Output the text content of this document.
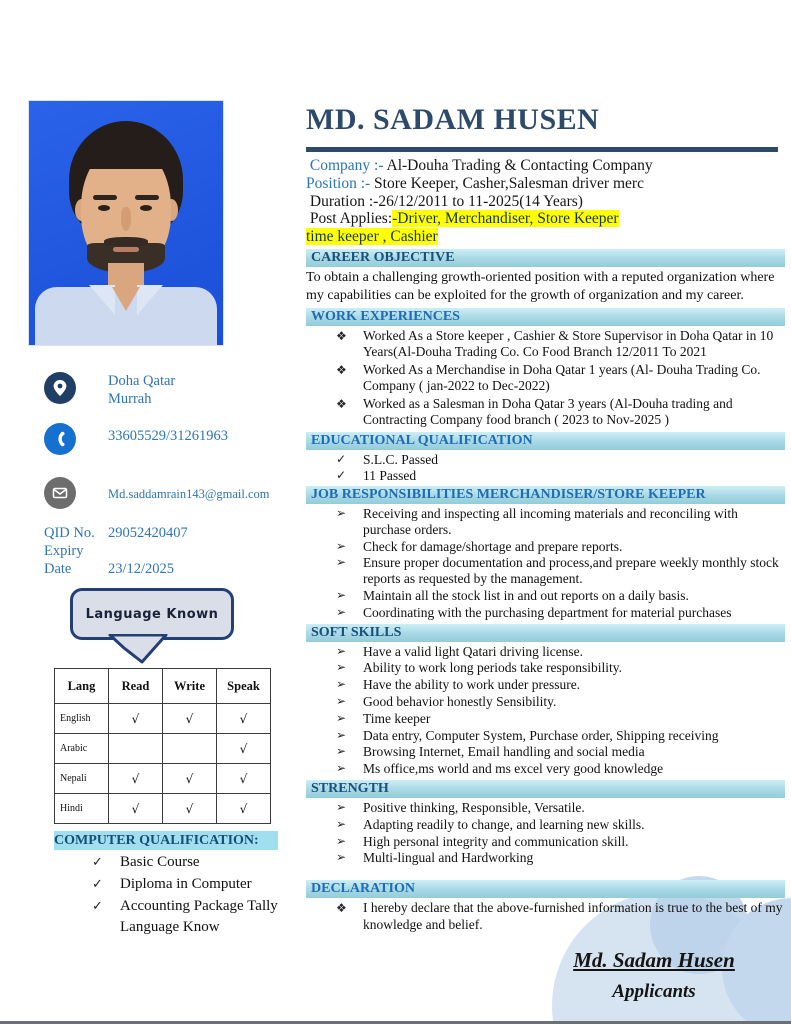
Doha Qatar
Murrah
33605529/31261963
Md.saddamrain143@gmail.com
QID No. 29052420407
Expiry
Date	23/12/2025
Language Known
Lang	Read	Write	Speak
English	√	√	√
Arabic			√
Nepali	√	√	√
Hindi	√	√	√
COMPUTER QUALIFICATION:
✓ Basic Course
✓ Diploma in Computer
✓ Accounting Package Tally Language Know
MD. SADAM HUSEN

Company :- Al-Douha Trading & Contacting Company

Position :- Store Keeper, Casher,Salesman driver merc

Duration :-26/12/2011 to 11-2025(14 Years)

Post Applies:-Driver, Merchandiser, Store Keeper

time keeper , Cashier

CAREER OBJECTIVE

To obtain a challenging growth-oriented position with a reputed organization where my capabilities can be exploited for the growth of organization and my career.

WORK EXPERIENCES
❖ Worked As a Store keeper , Cashier & Store Supervisor in Doha Qatar in 10 Years(Al-Douha Trading Co. Co Food Branch 12/2011 To 2021
❖ Worked As a Merchandise in Doha Qatar 1 years (Al- Douha Trading Co. Company ( jan-2022 to Dec-2022)
❖ Worked as a Salesman in Doha Qatar 3 years (Al-Douha trading and Contracting Company food branch ( 2023 to Nov-2025 )
EDUCATIONAL QUALIFICATION
✓ S.L.C. Passed
✓ 11 Passed
JOB RESPONSIBILITIES MERCHANDISER/STORE KEEPER
➢ Receiving and inspecting all incoming materials and reconciling with purchase orders.
➢ Check for damage/shortage and prepare reports.
➢ Ensure proper documentation and process,and prepare weekly monthly stock reports as requested by the management.
➢ Maintain all the stock list in and out reports on a daily basis.
➢ Coordinating with the purchasing department for material purchases
SOFT SKILLS
➢ Have a valid light Qatari driving license.
➢ Ability to work long periods take responsibility.
➢ Have the ability to work under pressure.
➢ Good behavior honestly Sensibility.
➢ Time keeper
➢ Data entry, Computer System, Purchase order, Shipping receiving
➢ Browsing Internet, Email handling and social media
➢ Ms office,ms world and ms excel very good knowledge
STRENGTH
➢ Positive thinking, Responsible, Versatile.
➢ Adapting readily to change, and learning new skills.
➢ High personal integrity and communication skill.
➢ Multi-lingual and Hardworking
DECLARATION
❖ I hereby declare that the above-furnished information is true to the best of my knowledge and belief.
Md. Sadam Husen
Applicants
